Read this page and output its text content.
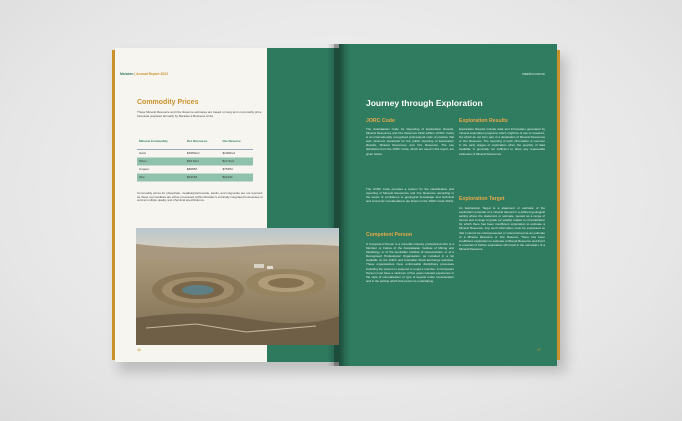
Ma'aden | Annual Report 2022	maaden.com.sa

Commodity Prices

These Mineral Resource and Ore Reserve estimates are based on long term commodity price forecasts prepared annually by Ma'aden's Business Units.

Mineral Commodity	Ore Resource	Ore Reserve
Gold	$1550/oz	$1300/oz
Silver	$20.5/oz	$17.6/oz
Copper	$8085/t	$7535/t
Zinc	$2418/t	$2110/t

Commodity prices for phosphate, metallurgical bauxite, kaolin, and magnesite are not reported as these commodities are either processed within Ma'aden's vertically integrated businesses or sold at multiple quality and chemical specifications.

46

Journey through Exploration

JORC Code

The Australasian Code for Reporting of Exploration Results, Mineral Resources and Ore Reserves 2012 edition (JORC Code) is an internationally recognised professional code of practice that sets minimum standards for the public reporting of Exploration Results, Mineral Resources and Ore Reserves. The key definitions from the JORC Code, which are used in this report, are given below.

The JORC Code provides a system for the classification and reporting of Mineral Resources and Ore Reserves according to the levels of confidence in geological knowledge and technical and economic considerations (as shown in the JORC Code 2012).

Competent Person

A Competent Person is a minerals industry professional who is a Member or Fellow of the Australasian Institute of Mining and Metallurgy, or of the Australian Institute of Geoscientists, or of a Recognised Professional Organisation, as included in a list available on the JORC and Australian Stock Exchange websites. These organisations have enforceable disciplinary processes including the powers to suspend or expel a member. A Competent Person must have a minimum of five years relevant experience in the style of mineralisation or type of deposit under consideration and in the activity which that person is undertaking.

Exploration Results

Exploration Results include data and information generated by mineral exploration programs which might be of use to investors, but which do not form part of a declaration of Mineral Resources or Ore Reserves. The reporting of such information is common in the early stages of exploration when the quantity of data available is generally not sufficient to allow any reasonable estimates of Mineral Resources.

Exploration Target

An Exploration Target is a statement or estimate of the exploration potential of a mineral deposit in a defined geological setting where the statement or estimate, quoted as a range of tonnes and a range of grade (or quality) relates to mineralization for which there has been insufficient exploration to estimate a Mineral Resource. Any such information must be expressed so that it cannot be misrepresented or misconstrued as an estimate of a Mineral Resource or Ore Reserve. There has been insufficient exploration to estimate a Mineral Resource and that it is uncertain if further exploration will result in the estimation of a Mineral Resource.

47
